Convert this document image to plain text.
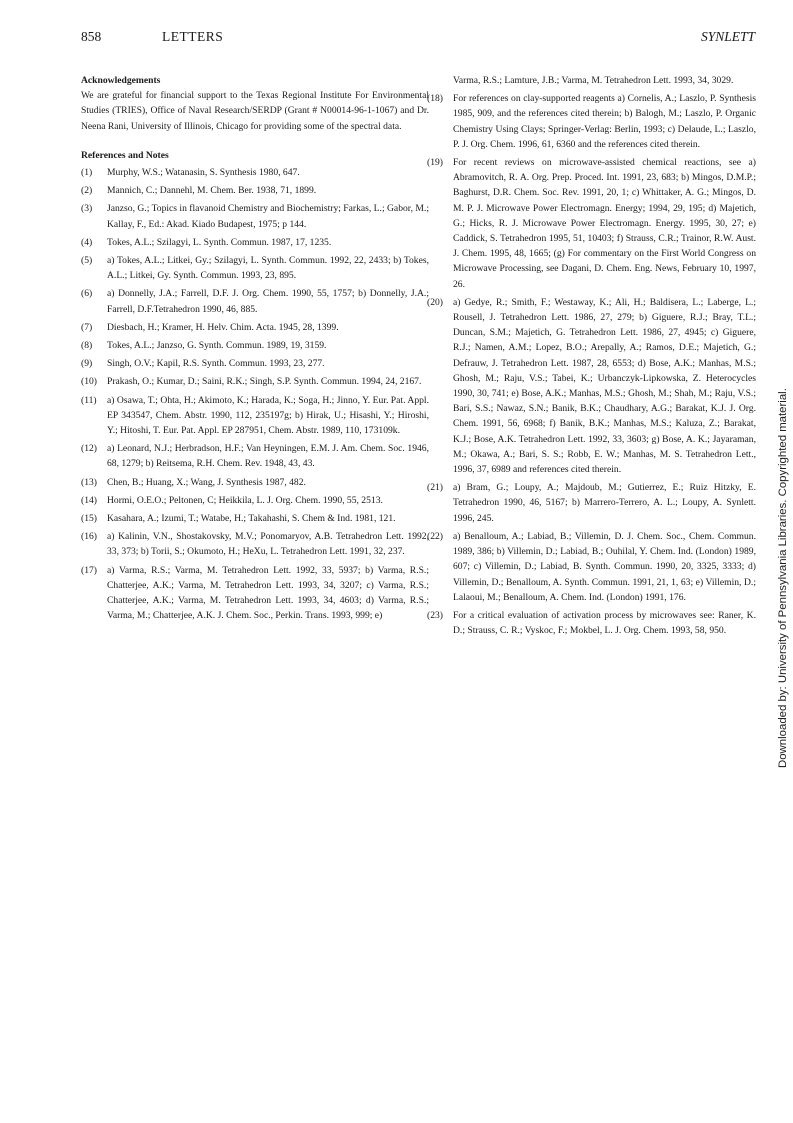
858	LETTERS	SYNLETT

Acknowledgements

We are grateful for financial support to the Texas Regional Institute For Environmental Studies (TRIES), Office of Naval Research/SERDP (Grant # N00014-96-1-1067) and Dr. Neena Rani, University of Illinois, Chicago for providing some of the spectral data.

References and Notes

(1)	Murphy, W.S.; Watanasin, S. Synthesis 1980, 647.
(2)	Mannich, C.; Dannehl, M. Chem. Ber. 1938, 71, 1899.
(3)	Janzso, G.; Topics in flavanoid Chemistry and Biochemistry; Farkas, L.; Gabor, M.; Kallay, F., Ed.: Akad. Kiado Budapest, 1975; p 144.
(4)	Tokes, A.L.; Szilagyi, L. Synth. Commun. 1987, 17, 1235.
(5)	a) Tokes, A.L.; Litkei, Gy.; Szilagyi, L. Synth. Commun. 1992, 22, 2433; b) Tokes, A.L.; Litkei, Gy. Synth. Commun. 1993, 23, 895.
(6)	a) Donnelly, J.A.; Farrell, D.F. J. Org. Chem. 1990, 55, 1757; b) Donnelly, J.A.; Farrell, D.F.Tetrahedron 1990, 46, 885.
(7)	Diesbach, H.; Kramer, H. Helv. Chim. Acta. 1945, 28, 1399.
(8)	Tokes, A.L.; Janzso, G. Synth. Commun. 1989, 19, 3159.
(9)	Singh, O.V.; Kapil, R.S. Synth. Commun. 1993, 23, 277.
(10)	Prakash, O.; Kumar, D.; Saini, R.K.; Singh, S.P. Synth. Commun. 1994, 24, 2167.
(11)	a) Osawa, T.; Ohta, H.; Akimoto, K.; Harada, K.; Soga, H.; Jinno, Y. Eur. Pat. Appl. EP 343547, Chem. Abstr. 1990, 112, 235197g; b) Hirak, U.; Hisashi, Y.; Hiroshi, Y.; Hitoshi, T. Eur. Pat. Appl. EP 287951, Chem. Abstr. 1989, 110, 173109k.
(12)	a) Leonard, N.J.; Herbradson, H.F.; Van Heyningen, E.M. J. Am. Chem. Soc. 1946, 68, 1279; b) Reitsema, R.H. Chem. Rev. 1948, 43, 43.
(13)	Chen, B.; Huang, X.; Wang, J. Synthesis 1987, 482.
(14)	Hormi, O.E.O.; Peltonen, C; Heikkila, L. J. Org. Chem. 1990, 55, 2513.
(15)	Kasahara, A.; Izumi, T.; Watabe, H.; Takahashi, S. Chem & Ind. 1981, 121.
(16)	a) Kalinin, V.N., Shostakovsky, M.V.; Ponomaryov, A.B. Tetrahedron Lett. 1992, 33, 373; b) Torii, S.; Okumoto, H.; HeXu, L. Tetrahedron Lett. 1991, 32, 237.
(17)	a) Varma, R.S.; Varma, M. Tetrahedron Lett. 1992, 33, 5937; b) Varma, R.S.; Chatterjee, A.K.; Varma, M. Tetrahedron Lett. 1993, 34, 3207; c) Varma, R.S.; Chatterjee, A.K.; Varma, M. Tetrahedron Lett. 1993, 34, 4603; d) Varma, R.S.; Varma, M.; Chatterjee, A.K. J. Chem. Soc., Perkin. Trans. 1993, 999; e)
Varma, R.S.; Lamture, J.B.; Varma, M. Tetrahedron Lett. 1993, 34, 3029.
(18)	For references on clay-supported reagents a) Cornelis, A.; Laszlo, P. Synthesis 1985, 909, and the references cited therein; b) Balogh, M.; Laszlo, P. Organic Chemistry Using Clays; Springer-Verlag: Berlin, 1993; c) Delaude, L.; Laszlo, P. J. Org. Chem. 1996, 61, 6360 and the references cited therein.
(19)	For recent reviews on microwave-assisted chemical reactions, see a) Abramovitch, R. A. Org. Prep. Proced. Int. 1991, 23, 683; b) Mingos, D.M.P.; Baghurst, D.R. Chem. Soc. Rev. 1991, 20, 1; c) Whittaker, A. G.; Mingos, D. M. P. J. Microwave Power Electromagn. Energy; 1994, 29, 195; d) Majetich, G.; Hicks, R. J. Microwave Power Electromagn. Energy. 1995, 30, 27; e) Caddick, S. Tetrahedron 1995, 51, 10403; f) Strauss, C.R.; Trainor, R.W. Aust. J. Chem. 1995, 48, 1665; (g) For commentary on the First World Congress on Microwave Processing, see Dagani, D. Chem. Eng. News, February 10, 1997, 26.
(20)	a) Gedye, R.; Smith, F.; Westaway, K.; Ali, H.; Baldisera, L.; Laberge, L.; Rousell, J. Tetrahedron Lett. 1986, 27, 279; b) Giguere, R.J.; Bray, T.L.; Duncan, S.M.; Majetich, G. Tetrahedron Lett. 1986, 27, 4945; c) Giguere, R.J.; Namen, A.M.; Lopez, B.O.; Arepally, A.; Ramos, D.E.; Majetich, G.; Defrauw, J. Tetrahedron Lett. 1987, 28, 6553; d) Bose, A.K.; Manhas, M.S.; Ghosh, M.; Raju, V.S.; Tabei, K.; Urbanczyk-Lipkowska, Z. Heterocycles 1990, 30, 741; e) Bose, A.K.; Manhas, M.S.; Ghosh, M.; Shah, M.; Raju, V.S.; Bari, S.S.; Nawaz, S.N.; Banik, B.K.; Chaudhary, A.G.; Barakat, K.J. J. Org. Chem. 1991, 56, 6968; f) Banik, B.K.; Manhas, M.S.; Kaluza, Z.; Barakat, K.J.; Bose, A.K. Tetrahedron Lett. 1992, 33, 3603; g) Bose, A. K.; Jayaraman, M.; Okawa, A.; Bari, S. S.; Robb, E. W.; Manhas, M. S. Tetrahedron Lett., 1996, 37, 6989 and references cited therein.
(21)	a) Bram, G.; Loupy, A.; Majdoub, M.; Gutierrez, E.; Ruiz Hitzky, E. Tetrahedron 1990, 46, 5167; b) Marrero-Terrero, A. L.; Loupy, A. Synlett. 1996, 245.
(22)	a) Benalloum, A.; Labiad, B.; Villemin, D. J. Chem. Soc., Chem. Commun. 1989, 386; b) Villemin, D.; Labiad, B.; Ouhilal, Y. Chem. Ind. (London) 1989, 607; c) Villemin, D.; Labiad, B. Synth. Commun. 1990, 20, 3325, 3333; d) Villemin, D.; Benalloum, A. Synth. Commun. 1991, 21, 1, 63; e) Villemin, D.; Lalaoui, M.; Benalloum, A. Chem. Ind. (London) 1991, 176.
(23)	For a critical evaluation of activation process by microwaves see: Raner, K. D.; Strauss, C. R.; Vyskoc, F.; Mokbel, L. J. Org. Chem. 1993, 58, 950.	Downloaded by: University of Pennsylvania Libraries. Copyrighted material.
